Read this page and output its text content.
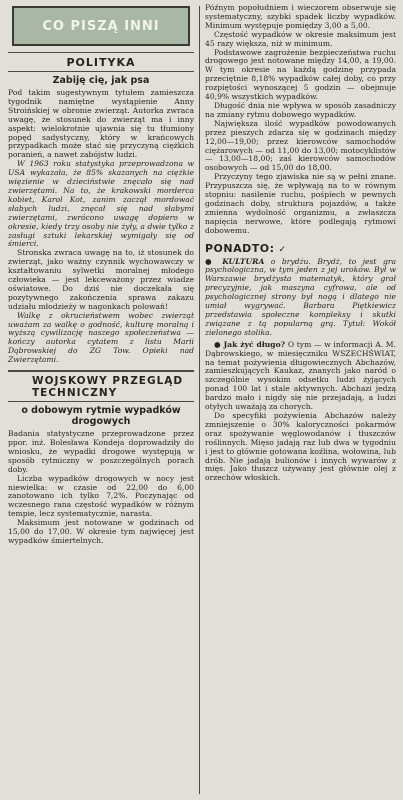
CO PISZĄ INNI
POLITYKA
Zabiję cię, jak psa

Pod takim sugestywnym tytułem zamieszcza tygodnik namiętne wystąpienie Anny Stroińskiej w obronie zwierząt. Autorka zwraca uwagę, że stosunek do zwierząt ma i inny aspekt: wielokrotnie ujawnia się tu tłumiony popęd sadystyczny, który w krańcowych przypadkach może stać się przyczyną ciężkich poranień, a nawet zabójstw ludzi.

W 1963 roku statystyka przeprowadzona w USA wykazała, że 85% skazanych na ciężkie więzienie w dzieciństwie znęcało się nad zwierzętami. Na to, że krakowski morderca kobiet, Karol Kot, zanim zaczął mordować słabych ludzi, znęcał się nad słabymi zwierzętami, zwrócono uwagę dopiero w okresie, kiedy trzy osoby nie żyły, a dwie tylko z zasługi sztuki lekarskiej wymigały się od śmierci.

Stronska zwraca uwagę na to, iż stosunek do zwierząt, jako ważny czynnik wychowawczy w kształtowaniu sylwetki moralnej młodego człowieka — jest lekceważony przez wiadze oświatowe. Do dziś nie doczekała się pozytywnego zakończenia sprawa zakazu udziału młodzieży w nagonkach polowań!

Walkę z okrucieństwem wobec zwierząt uważam za walkę o godność, kulturę moralną i wyższą cywilizację naszego społeczeństwa — kończy autorka cytatem z listu Marii Dąbrowskiej do ZG Tow. Opieki nad Zwierzętami.

WOJSKOWY PRZEGLĄD TECHNICZNY
o dobowym rytmie wypadków drogowych

Badania statystyczne przeprowadzone przez ppor. inż. Bolesława Kondeja doprowadziły do wniosku, że wypadki drogowe występują w sposób rytmiczny w poszczególnych porach doby.

Liczba wypadków drogowych w nocy jest niewielka: w czasie od 22,00 do 6,00 zanotowano ich tylko 7,2%. Poczynając od wczesnego rana częstość wypadków w różnym tempie, lecz systematycznie, narasta.

Maksimum jest notowane w godzinach od 15,00 do 17,00. W okresie tym najwięcej jest wypadków śmiertelnych.

Późnym popołudniem i wieczorem obserwuje się systematyczny, szybki spadek liczby wypadków. Minimum występuje pomiędzy 3,00 a 5,00.

Częstość wypadków w okresie maksimum jest 45 razy większa, niż w minimum.

Podstawowe zagrożenie bezpieczeństwa ruchu drogowego jest notowane między 14,00, a 19,00. W tym okresie na każdą godzinę przypada przeciętnie 8,18% wypadków całej doby, co przy rozpiętości wynoszącej 5 godzin — obejmuje 40,9% wszystkich wypadków.

Długość dnia nie wpływa w sposób zasadniczy na zmiany rytmu dobowego wypadków.

Największa ilość wypadków powodowanych przez pieszych zdarza się w godzinach między 12,00—19,00; przez kierowców samochodów ciężarowych — od 11,00 do 13,00; motocyklistów — 13,00—18,00; zaś kierowców samochodów osobowych — od 15,00 do 18,00.

Przyczyny tego zjawiska nie są w pełni znane. Przypuszcza się, że wpływają na to w równym stopniu: nasilenie ruchu, pośpiech w pewnych godzinach doby, struktura pojazdów, a także zmienna wydolność organizmu, a zwłaszcza napięcia nerwowe, które podlegają rytmowi dobowemu.

PONADTO: ✓

● KULTURA o brydżu. Brydż, to jest gra psychologiczna, w tym jeden z jej uroków. Był w Warszawie brydżysta matematyk, który grał precyzyjnie, jak maszyna cyfrowa, ale od psychologicznej strony był nogą i dlatego nie umiał wygrywać. Barbara Piętkiewicz przedstawia społeczne kompleksy i skutki związane z tą popularną grą. Tytuł: Wokół zielonego stolika.

● Jak żyć długo? O tym — w informacji A. M. Dąbrowskiego, w miesięczniku WSZECHŚWIAT, na temat pożywienia długowiecznych Abchazów, zamieszkujących Kaukaz, znanych jako naród o szczególnie wysokim odsetku ludzi żyjących ponad 100 lat i stale aktywnych. Abchazi jedzą bardzo mało i nigdy się nie przejadają, a ludzi otyłych uważają za chorych.

Do specyfiki pożywienia Abchazów należy zmniejszenie o 30% kaloryczności pokarmów oraz spożywanie węglowodanów i tłuszczów roślinnych. Mięso jadają raz lub dwa w tygodniu i jest to głównie gotowana koźlina, wołowina, lub drób. Nie jadają bulionów i innych wywarów z mięs. Jako tłuszcz używany jest głównie olej z orzechów włoskich.
